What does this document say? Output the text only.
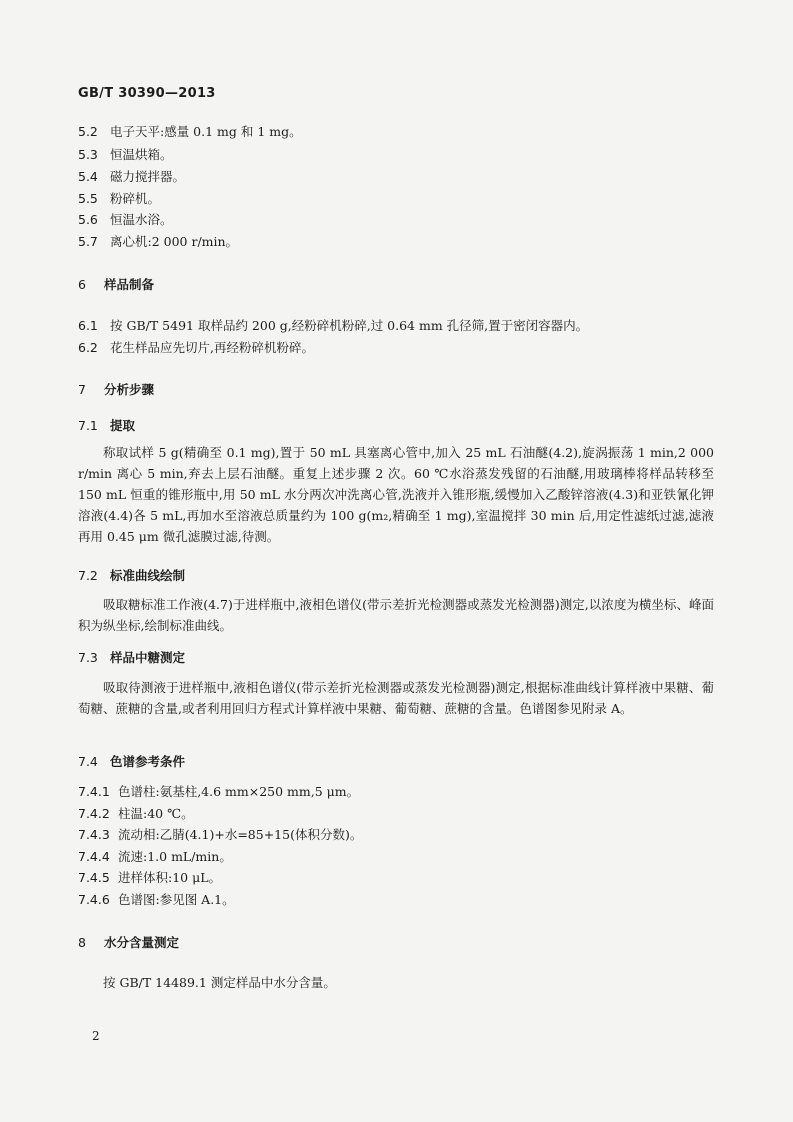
GB/T 30390—2013
5.2 电子天平:感量 0.1 mg 和 1 mg。
5.3 恒温烘箱。
5.4 磁力搅拌器。
5.5 粉碎机。
5.6 恒温水浴。
5.7 离心机:2 000 r/min。
6 样品制备
6.1 按 GB/T 5491 取样品约 200 g,经粉碎机粉碎,过 0.64 mm 孔径筛,置于密闭容器内。
6.2 花生样品应先切片,再经粉碎机粉碎。
7 分析步骤
7.1 提取
称取试样 5 g(精确至 0.1 mg),置于 50 mL 具塞离心管中,加入 25 mL 石油醚(4.2),旋涡振荡 1 min,2 000 r/min 离心 5 min,弃去上层石油醚。重复上述步骤 2 次。60 ℃水浴蒸发残留的石油醚,用玻璃棒将样品转移至 150 mL 恒重的锥形瓶中,用 50 mL 水分两次冲洗离心管,洗液并入锥形瓶,缓慢加入乙酸锌溶液(4.3)和亚铁氰化钾溶液(4.4)各 5 mL,再加水至溶液总质量约为 100 g(m₂,精确至 1 mg),室温搅拌 30 min 后,用定性滤纸过滤,滤液再用 0.45 μm 微孔滤膜过滤,待测。
7.2 标准曲线绘制
吸取糖标准工作液(4.7)于进样瓶中,液相色谱仪(带示差折光检测器或蒸发光检测器)测定,以浓度为横坐标、峰面积为纵坐标,绘制标准曲线。
7.3 样品中糖测定
吸取待测液于进样瓶中,液相色谱仪(带示差折光检测器或蒸发光检测器)测定,根据标准曲线计算样液中果糖、葡萄糖、蔗糖的含量,或者利用回归方程式计算样液中果糖、葡萄糖、蔗糖的含量。色谱图参见附录 A。
7.4 色谱参考条件
7.4.1 色谱柱:氨基柱,4.6 mm×250 mm,5 μm。
7.4.2 柱温:40 ℃。
7.4.3 流动相:乙腈(4.1)+水=85+15(体积分数)。
7.4.4 流速:1.0 mL/min。
7.4.5 进样体积:10 μL。
7.4.6 色谱图:参见图 A.1。
8 水分含量测定
按 GB/T 14489.1 测定样品中水分含量。
2
